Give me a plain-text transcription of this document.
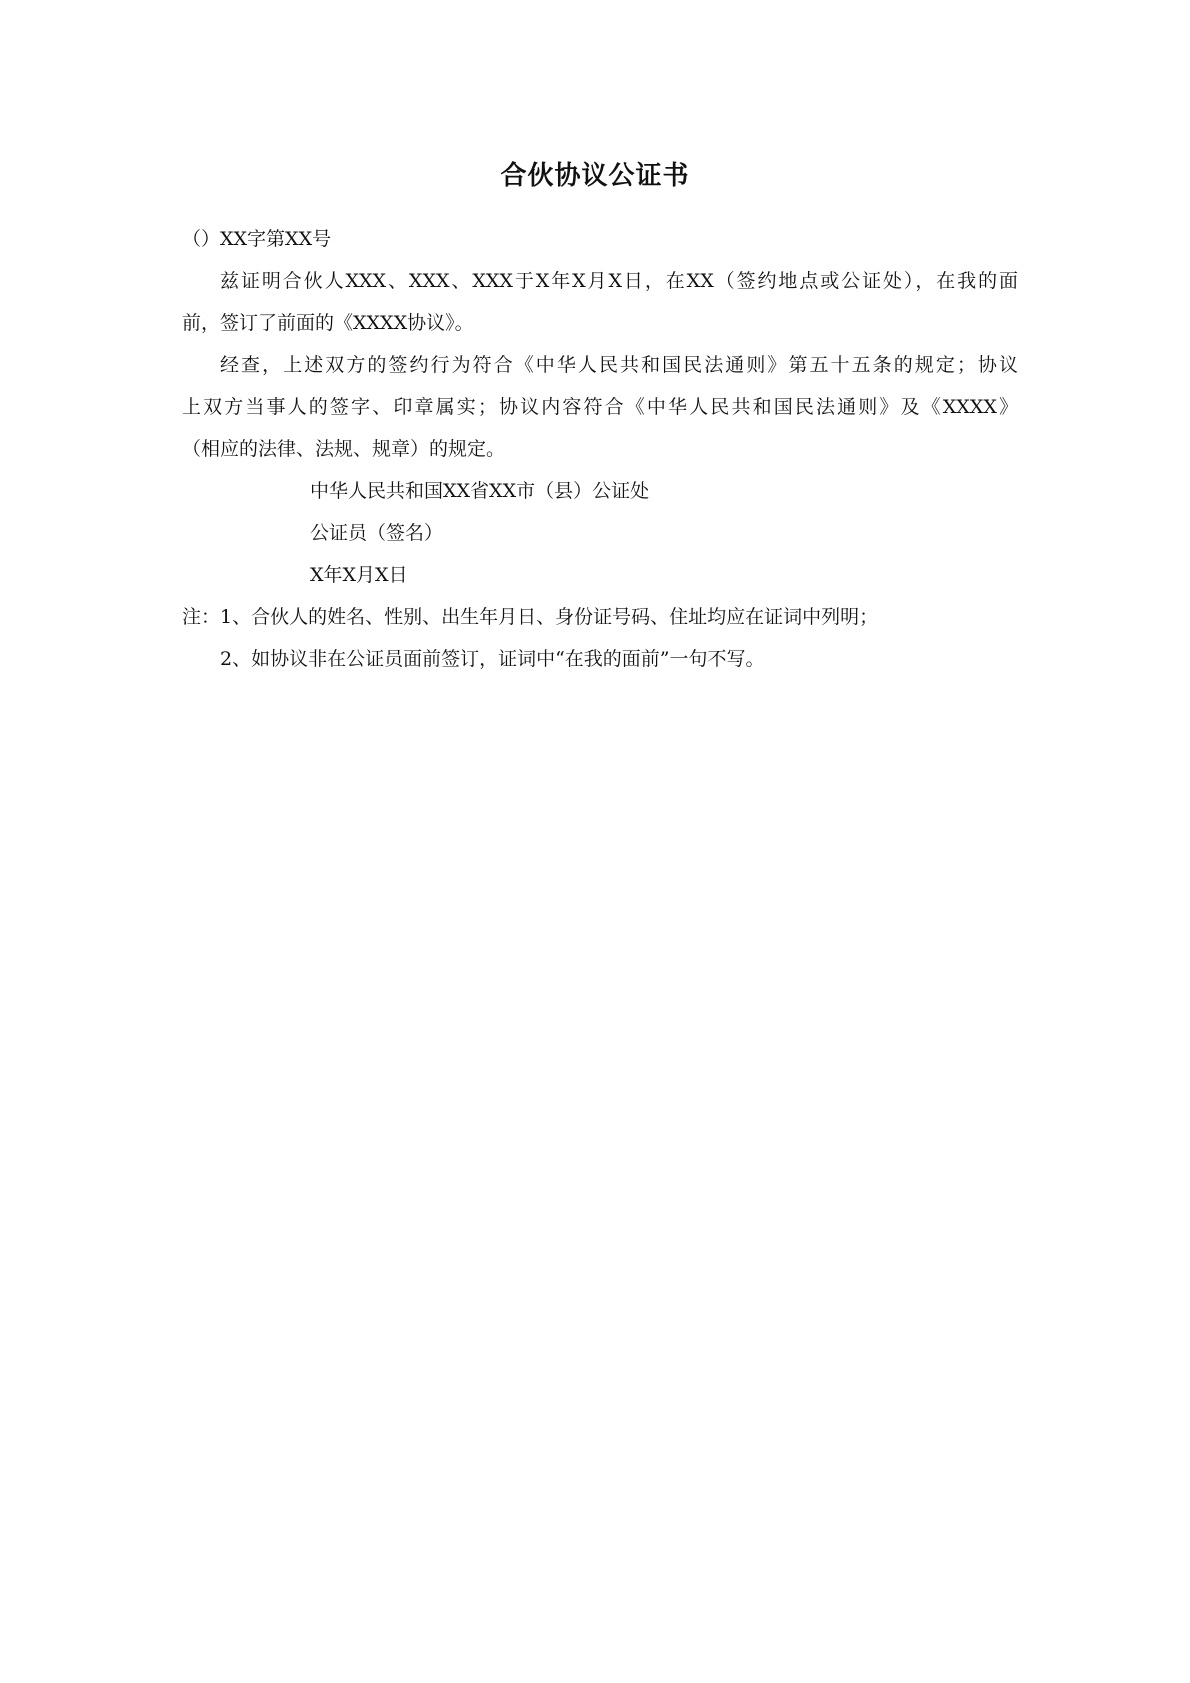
合伙协议公证书
（）XX字第XX号
兹证明合伙人XXX、XXX、XXX于X年X月X日，在XX（签约地点或公证处），在我的面
前，签订了前面的《XXXX协议》。
经查，上述双方的签约行为符合《中华人民共和国民法通则》第五十五条的规定；协议
上双方当事人的签字、印章属实；协议内容符合《中华人民共和国民法通则》及《XXXX》
（相应的法律、法规、规章）的规定。
中华人民共和国XX省XX市（县）公证处
公证员（签名）
X年X月X日
注：1、合伙人的姓名、性别、出生年月日、身份证号码、住址均应在证词中列明；
2、如协议非在公证员面前签订，证词中“在我的面前”一句不写。
